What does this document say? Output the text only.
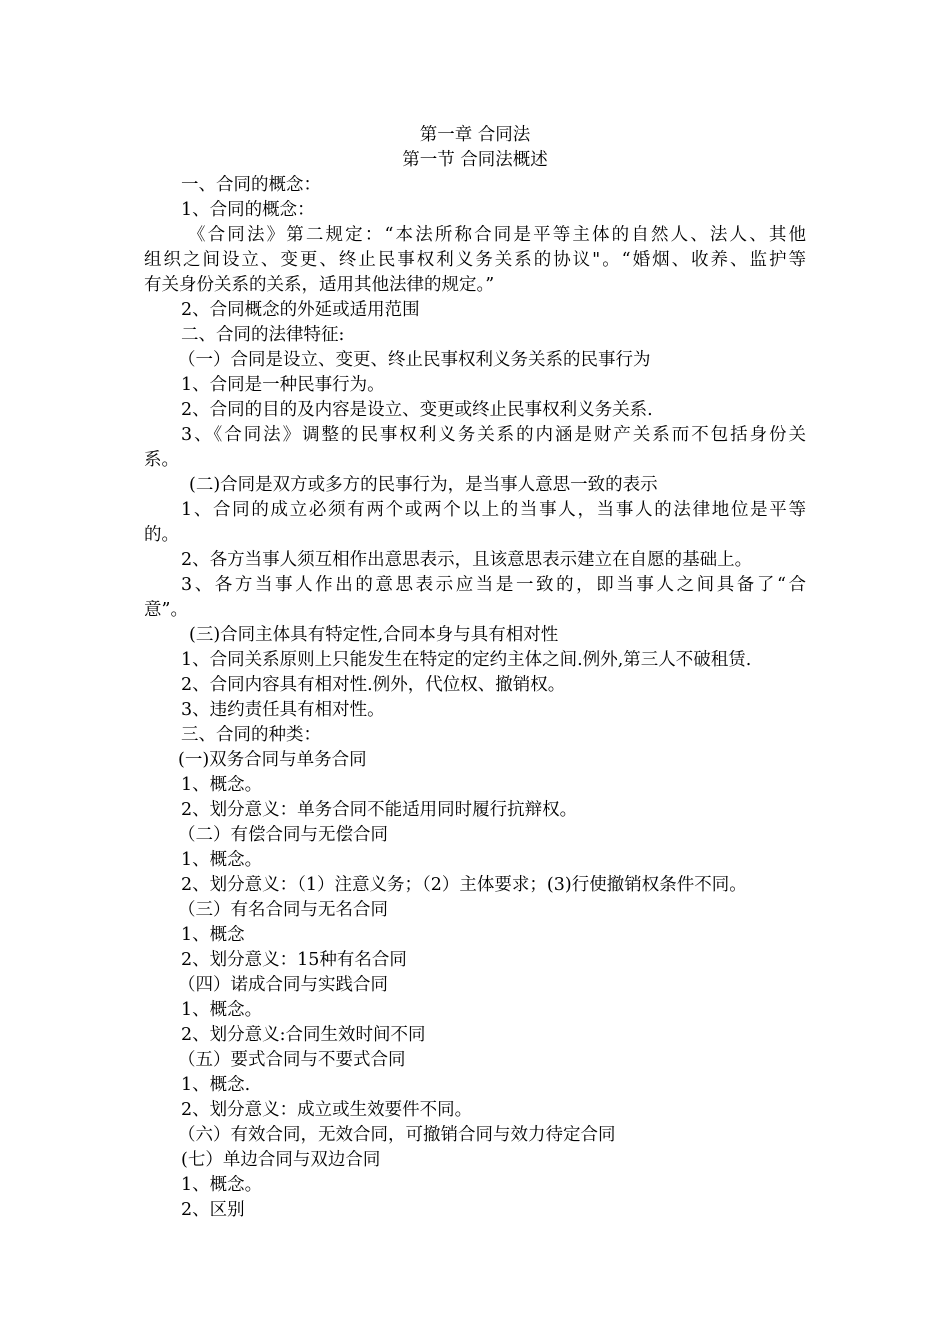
第一章 合同法
第一节 合同法概述
一、合同的概念：
1、合同的概念：
《合同法》第二规定：“本法所称合同是平等主体的自然人、法人、其他
组织之间设立、变更、终止民事权利义务关系的协议"。“婚烟、收养、监护等
有关身份关系的关系，适用其他法律的规定。”
2、合同概念的外延或适用范围
二、合同的法律特征:
（一）合同是设立、变更、终止民事权利义务关系的民事行为
1、合同是一种民事行为。
2、合同的目的及内容是设立、变更或终止民事权利义务关系.
3、《合同法》调整的民事权利义务关系的内涵是财产关系而不包括身份关
系。
(二)合同是双方或多方的民事行为，是当事人意思一致的表示
1、合同的成立必须有两个或两个以上的当事人，当事人的法律地位是平等
的。
2、各方当事人须互相作出意思表示，且该意思表示建立在自愿的基础上。
3、各方当事人作出的意思表示应当是一致的，即当事人之间具备了“合
意”。
(三)合同主体具有特定性,合同本身与具有相对性
1、合同关系原则上只能发生在特定的定约主体之间.例外,第三人不破租赁.
2、合同内容具有相对性.例外，代位权、撤销权。
3、违约责任具有相对性。
三、合同的种类：
(一)双务合同与单务合同
1、概念。
2、划分意义：单务合同不能适用同时履行抗辩权。
（二）有偿合同与无偿合同
1、概念。
2、划分意义：（1）注意义务；（2）主体要求；(3)行使撤销权条件不同。
（三）有名合同与无名合同
1、概念
2、划分意义：15种有名合同
（四）诺成合同与实践合同
1、概念。
2、划分意义:合同生效时间不同
（五）要式合同与不要式合同
1、概念.
2、划分意义：成立或生效要件不同。
（六）有效合同，无效合同，可撤销合同与效力待定合同
(七）单边合同与双边合同
1、概念。
2、区别
